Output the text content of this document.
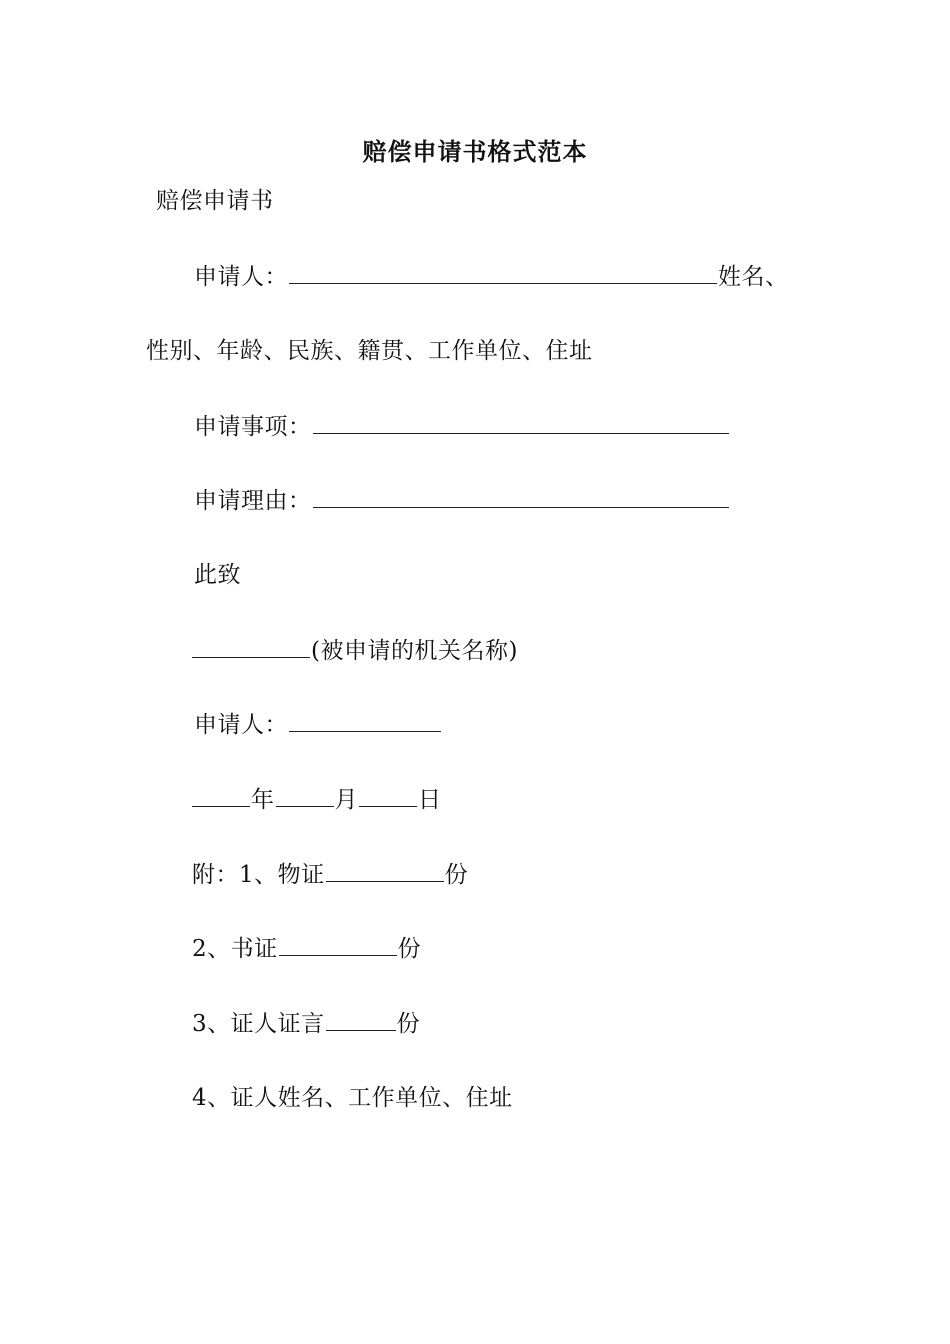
赔偿申请书格式范本
赔偿申请书
申请人：	姓名、
性别、年龄、民族、籍贯、工作单位、住址
申请事项：
申请理由：
此致
(被申请的机关名称)
申请人：
年	月	日
附：1、物证	份
2、书证	份
3、证人证言	份
4、证人姓名、工作单位、住址
